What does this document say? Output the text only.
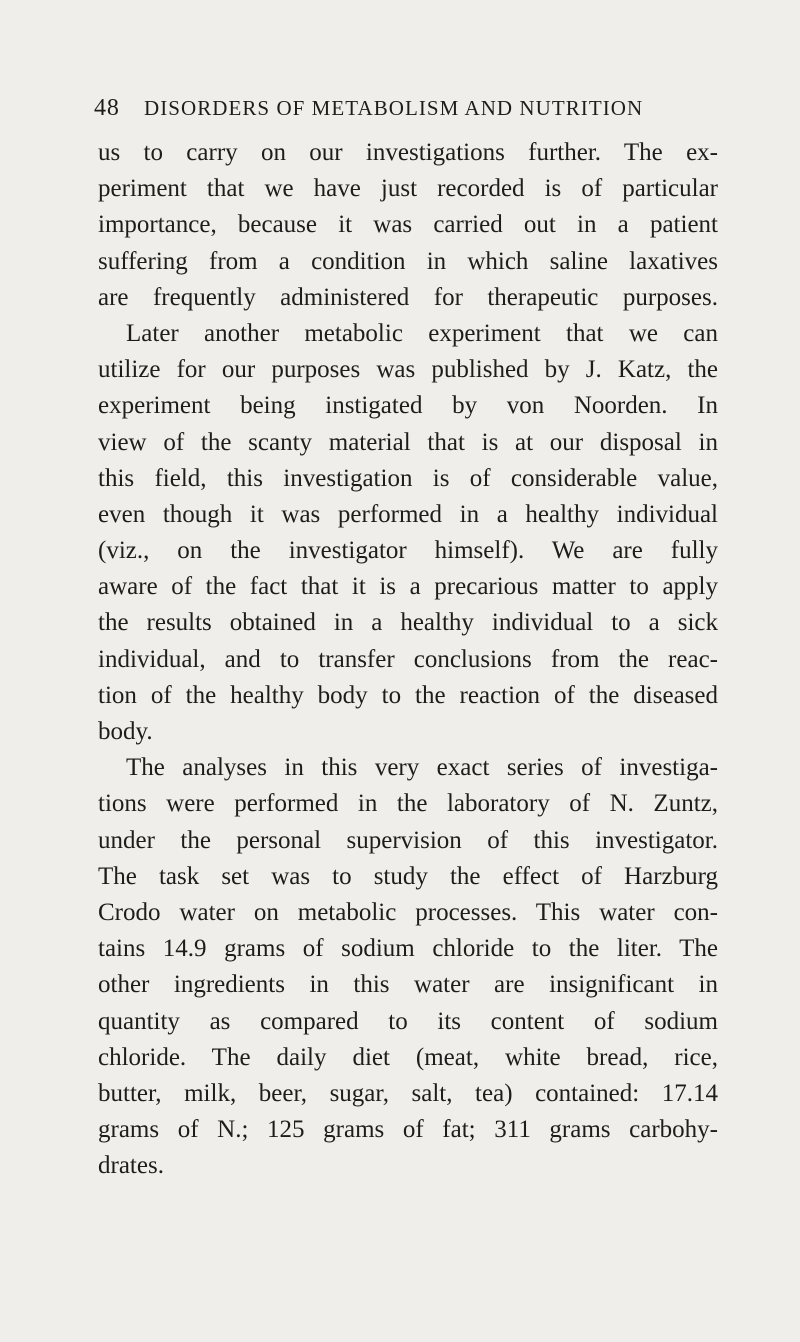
48 DISORDERS OF METABOLISM AND NUTRITION
us to carry on our investigations further. The ex-
periment that we have just recorded is of particular
importance, because it was carried out in a patient
suffering from a condition in which saline laxatives
are frequently administered for therapeutic purposes.
Later another metabolic experiment that we can
utilize for our purposes was published by J. Katz, the
experiment being instigated by von Noorden. In
view of the scanty material that is at our disposal in
this field, this investigation is of considerable value,
even though it was performed in a healthy individual
(viz., on the investigator himself). We are fully
aware of the fact that it is a precarious matter to apply
the results obtained in a healthy individual to a sick
individual, and to transfer conclusions from the reac-
tion of the healthy body to the reaction of the diseased
body.
The analyses in this very exact series of investiga-
tions were performed in the laboratory of N. Zuntz,
under the personal supervision of this investigator.
The task set was to study the effect of Harzburg
Crodo water on metabolic processes. This water con-
tains 14.9 grams of sodium chloride to the liter. The
other ingredients in this water are insignificant in
quantity as compared to its content of sodium
chloride. The daily diet (meat, white bread, rice,
butter, milk, beer, sugar, salt, tea) contained: 17.14
grams of N.; 125 grams of fat; 311 grams carbohy-
drates.
